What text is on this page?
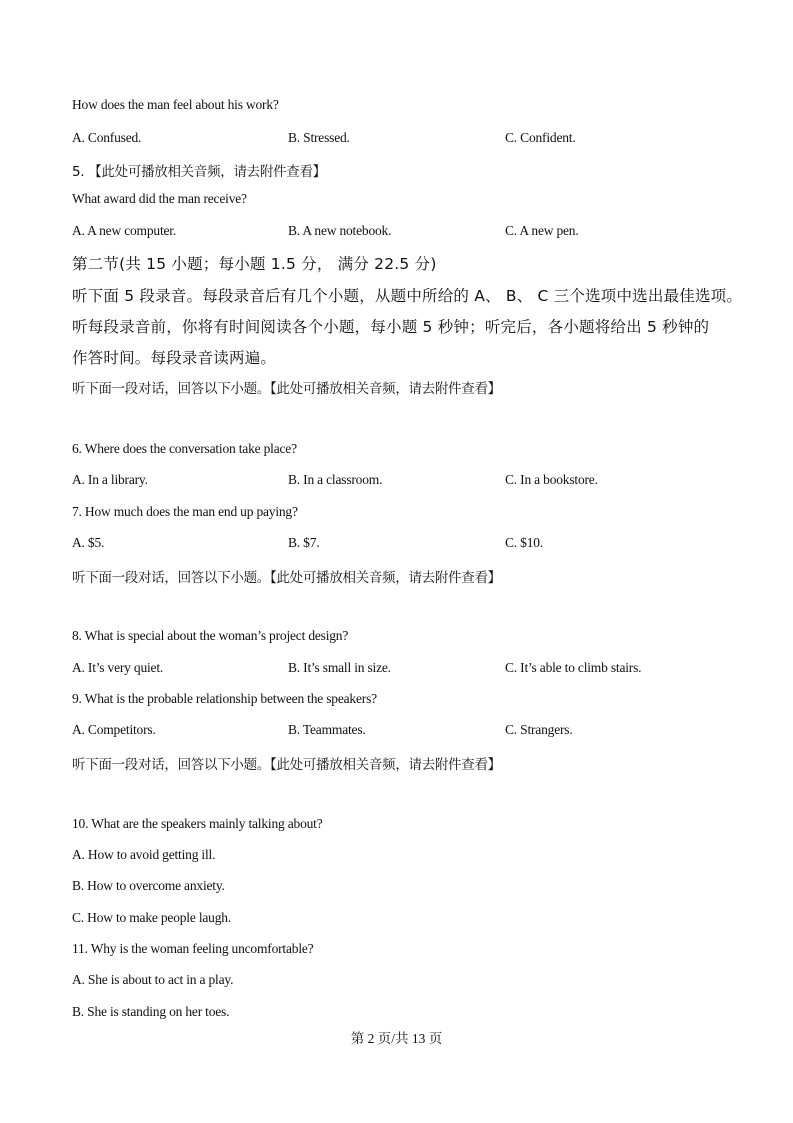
How does the man feel about his work?
A. Confused.	B. Stressed.	C. Confident.
5. 【此处可播放相关音频，请去附件查看】
What award did the man receive?
A. A new computer.	B. A new notebook.	C. A new pen.
第二节(共 15 小题；每小题 1.5 分， 满分 22.5 分)
听下面 5 段录音。每段录音后有几个小题，从题中所给的 A、 B、 C 三个选项中选出最佳选项。
听每段录音前，你将有时间阅读各个小题，每小题 5 秒钟；听完后，各小题将给出 5 秒钟的
作答时间。每段录音读两遍。
听下面一段对话，回答以下小题。【此处可播放相关音频，请去附件查看】
6. Where does the conversation take place?
A. In a library.	B. In a classroom.	C. In a bookstore.
7. How much does the man end up paying?
A. $5.	B. $7.	C. $10.
听下面一段对话，回答以下小题。【此处可播放相关音频，请去附件查看】
8. What is special about the woman’s project design?
A. It’s very quiet.	B. It’s small in size.	C. It’s able to climb stairs.
9. What is the probable relationship between the speakers?
A. Competitors.	B. Teammates.	C. Strangers.
听下面一段对话，回答以下小题。【此处可播放相关音频，请去附件查看】
10. What are the speakers mainly talking about?
A. How to avoid getting ill.
B. How to overcome anxiety.
C. How to make people laugh.
11. Why is the woman feeling uncomfortable?
A. She is about to act in a play.
B. She is standing on her toes.
第 2 页/共 13 页
